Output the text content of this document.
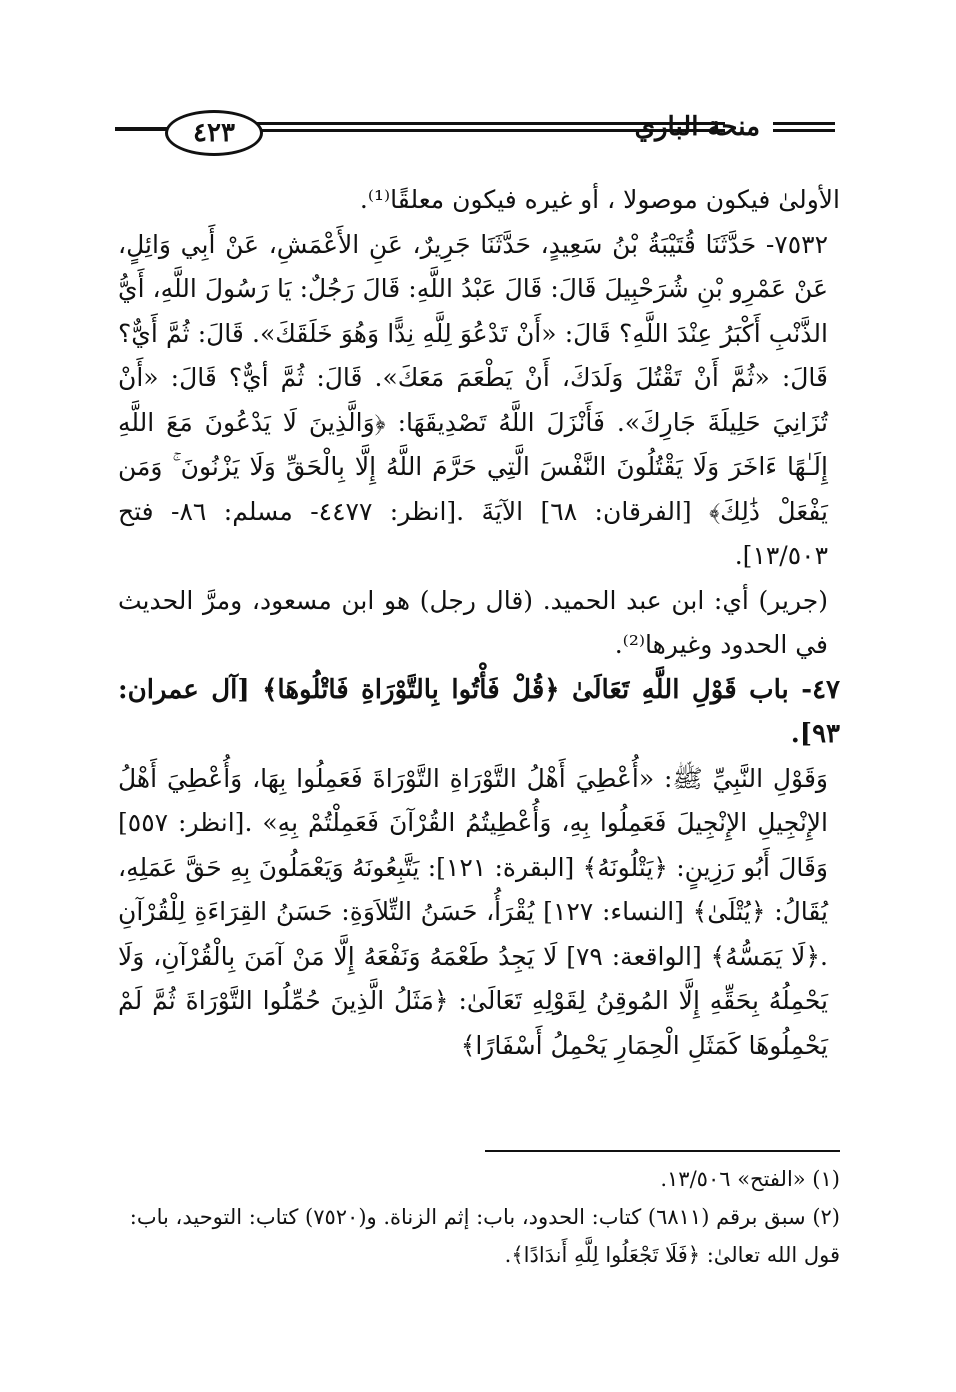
٤٢٣	منحة الباري

الأولىٰ فيكون موصولا ، أو غيره فيكون معلقًا⁽¹⁾.

٧٥٣٢- حَدَّثَنَا قُتَيْبَةُ بْنُ سَعِيدٍ، حَدَّثَنَا جَرِيرٌ، عَنِ الأَعْمَشِ، عَنْ أَبِي وَائِلٍ، عَنْ عَمْرِو بْنِ شُرَحْبِيلَ قَالَ: قَالَ عَبْدُ اللَّهِ: قَالَ رَجُلٌ: يَا رَسُولَ اللَّهِ، أَيُّ الذَّنْبِ أَكْبَرُ عِنْدَ اللَّهِ؟ قَالَ: «أَنْ تَدْعُوَ لِلَّهِ نِدًّا وَهُوَ خَلَقَكَ». قَالَ: ثُمَّ أَيٌّ؟ قَالَ: «ثُمَّ أَنْ تَقْتُلَ وَلَدَكَ، أَنْ يَطْعَمَ مَعَكَ». قَالَ: ثُمَّ أيٌّ؟ قَالَ: «أَنْ تُزَانِيَ حَلِيلَةَ جَارِكَ». فَأَنْزَلَ اللَّهُ تَصْدِيقَهَا: ﴿وَالَّذِينَ لَا يَدْعُونَ مَعَ اللَّهِ إِلَـٰهًا ءَاخَرَ وَلَا يَقْتُلُونَ النَّفْسَ الَّتِي حَرَّمَ اللَّهُ إِلَّا بِالْحَقِّ وَلَا يَزْنُونَ ۚ وَمَن يَفْعَلْ ذَٰلِكَ﴾ [الفرقان: ٦٨] الآيَةَ .[انظر: ٤٤٧٧- مسلم: ٨٦- فتح ١٣/٥٠٣].

(جرير) أي: ابن عبد الحميد. (قال رجل) هو ابن مسعود، ومرَّ الحديث في الحدود وغيرها⁽²⁾.

٤٧- باب قَوْلِ اللَّهِ تَعَالَىٰ ﴿قُلْ فَأْتُوا بِالتَّوْرَاةِ فَاتْلُوهَا﴾ [آل عمران: ٩٣].

وَقَوْلِ النَّبِيِّ ﷺ: «أُعْطِيَ أَهْلُ التَّوْرَاةِ التَّوْرَاةَ فَعَمِلُوا بِهَا، وَأُعْطِيَ أَهْلُ الإِنْجِيلِ الإِنْجِيلَ فَعَمِلُوا بِهِ، وَأُعْطِيتُمُ القُرْآنَ فَعَمِلْتُمْ بِهِ» .[انظر: ٥٥٧] وَقَالَ أَبُو رَزِينٍ: ﴿يَتْلُونَهُ﴾ [البقرة: ١٢١]: يَتَّبِعُونَهُ وَيَعْمَلُونَ بِهِ حَقَّ عَمَلِهِ، يُقَالُ: ﴿يُتْلَىٰ﴾ [النساء: ١٢٧] يُقْرَأُ، حَسَنُ التِّلاَوَةِ: حَسَنُ القِرَاءَةِ لِلْقُرْآنِ .﴿لَا يَمَسُّهُ﴾ [الواقعة: ٧٩] لَا يَجِدُ طَعْمَهُ وَنَفْعَهُ إِلَّا مَنْ آمَنَ بِالْقُرْآنِ، وَلَا يَحْمِلُهُ بِحَقِّهِ إِلَّا المُوقِنُ لِقَوْلِهِ تَعَالَىٰ: ﴿مَثَلُ الَّذِينَ حُمِّلُوا التَّوْرَاةَ ثُمَّ لَمْ يَحْمِلُوهَا كَمَثَلِ الْحِمَارِ يَحْمِلُ أَسْفَارًا﴾

(١) «الفتح» ١٣/٥٠٦.

(٢) سبق برقم (٦٨١١) كتاب: الحدود، باب: إثم الزناة. و(٧٥٢٠) كتاب: التوحيد، باب: قول الله تعالىٰ: ﴿فَلَا تَجْعَلُوا لِلَّهِ أَندَادًا﴾.
